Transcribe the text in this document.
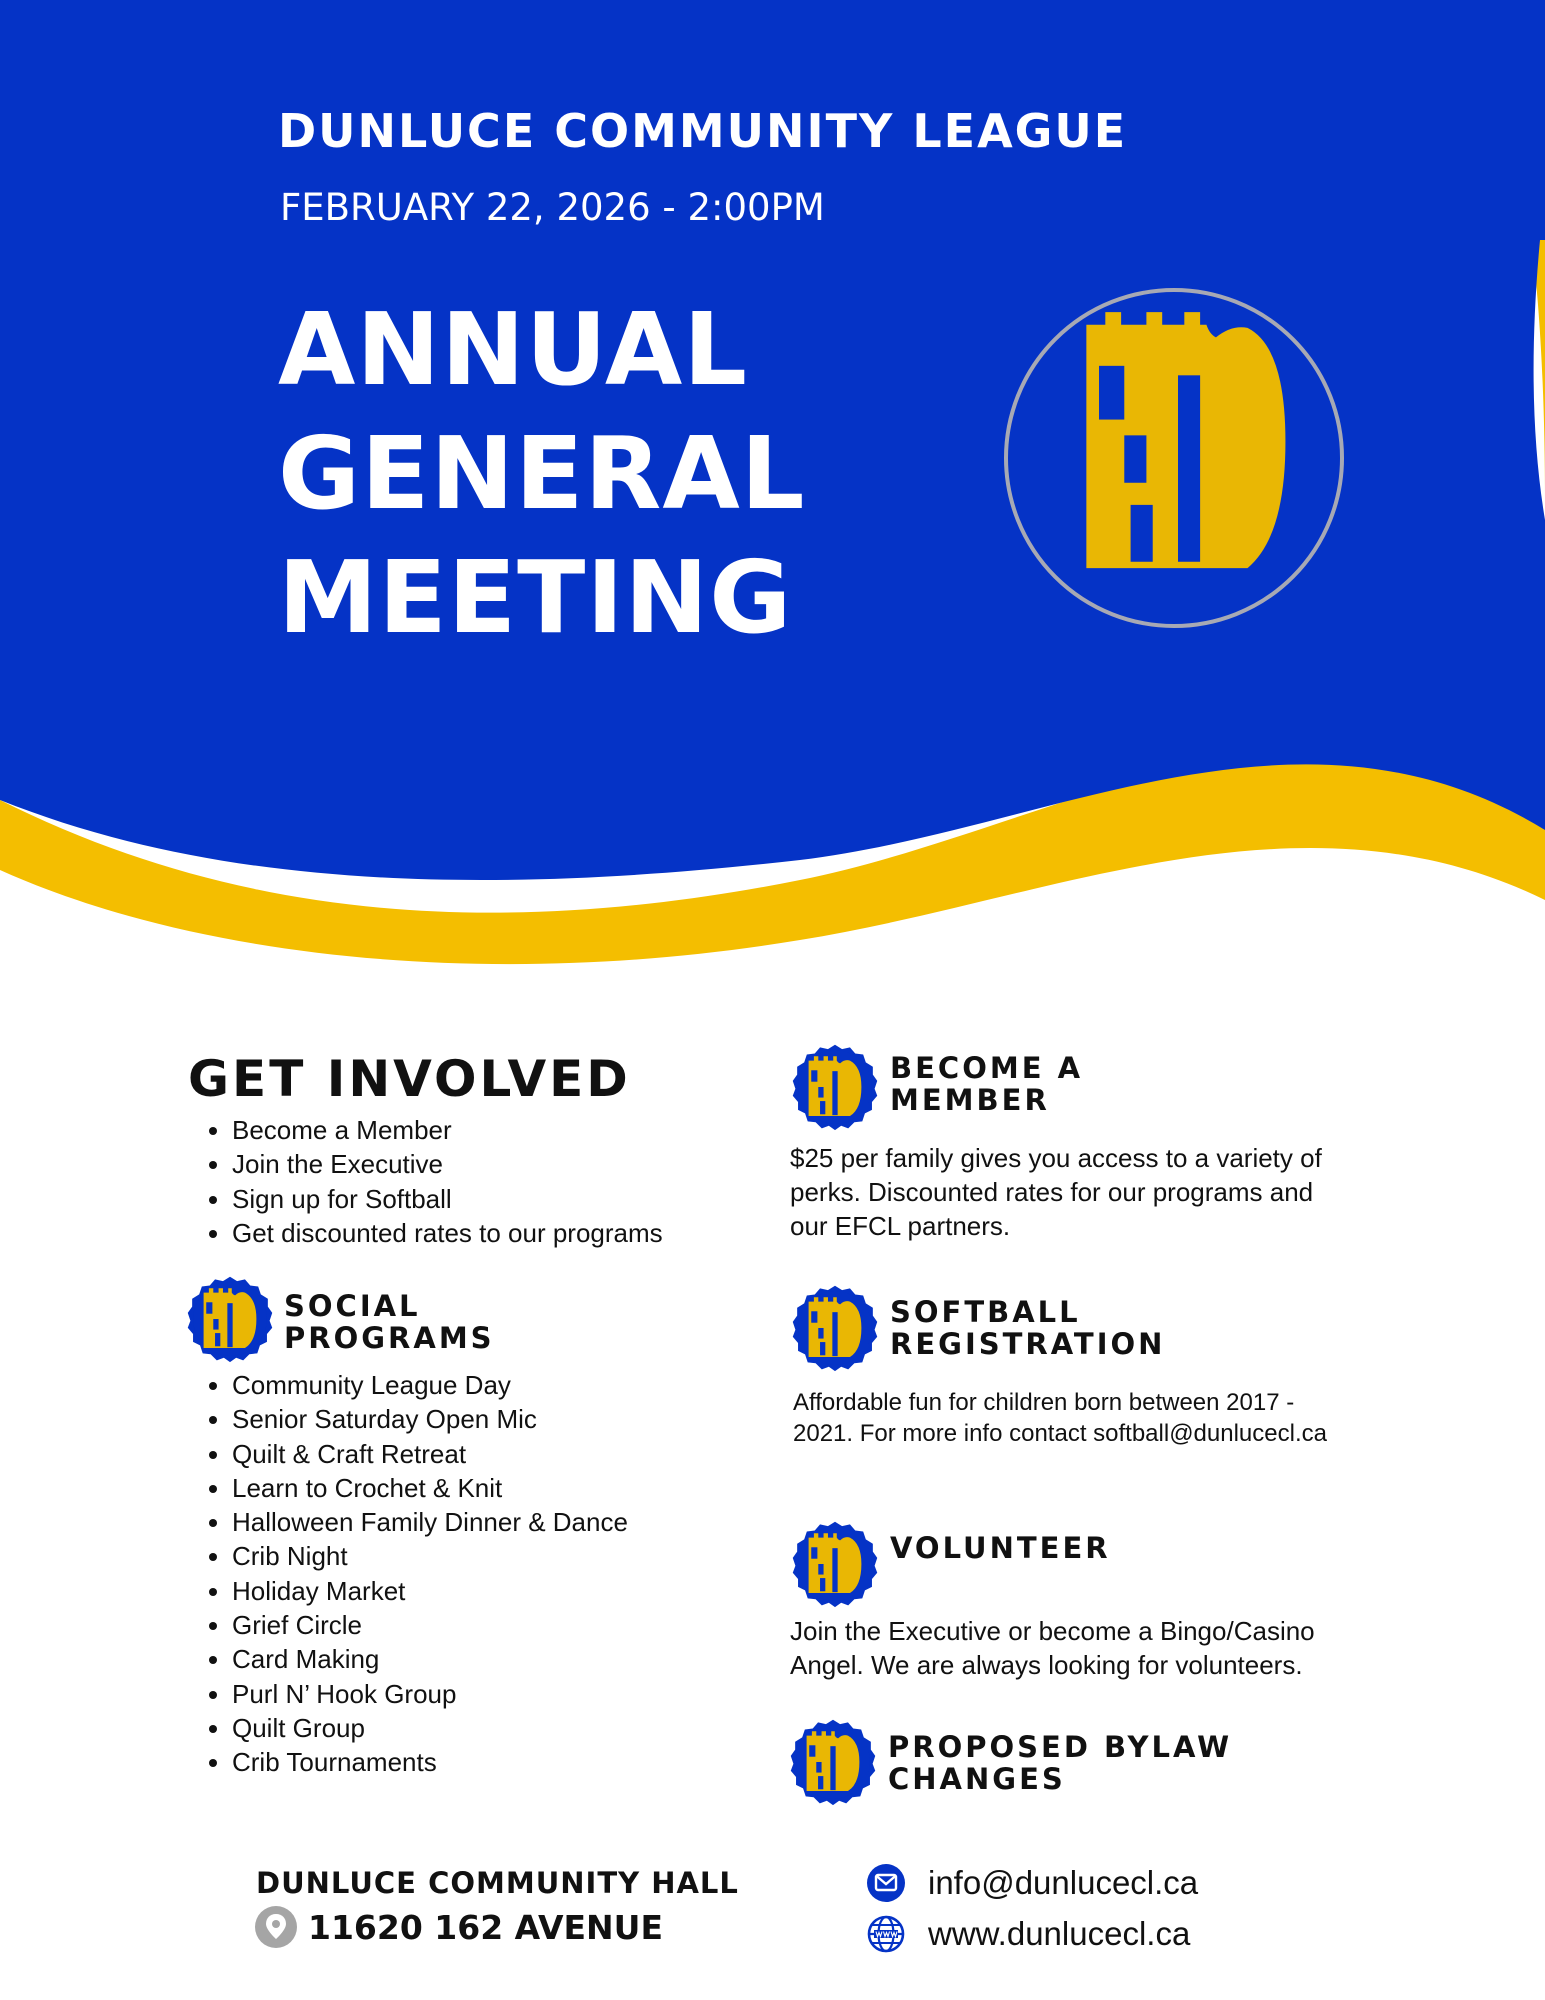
DUNLUCE COMMUNITY LEAGUE
FEBRUARY 22, 2026 - 2:00PM
ANNUAL
GENERAL
MEETING
GET INVOLVED
• Become a Member
• Join the Executive
• Sign up for Softball
• Get discounted rates to our programs
SOCIAL
PROGRAMS
• Community League Day
• Senior Saturday Open Mic
• Quilt & Craft Retreat
• Learn to Crochet & Knit
• Halloween Family Dinner & Dance
• Crib Night
• Holiday Market
• Grief Circle
• Card Making
• Purl N’ Hook Group
• Quilt Group
• Crib Tournaments
BECOME A
MEMBER

$25 per family gives you access to a variety of perks. Discounted rates for our programs and our EFCL partners.

SOFTBALL
REGISTRATION

Affordable fun for children born between 2017 - 2021. For more info contact softball@dunlucecl.ca

VOLUNTEER

Join the Executive or become a Bingo/Casino Angel. We are always looking for volunteers.

PROPOSED BYLAW
CHANGES
DUNLUCE COMMUNITY HALL
11620 162 AVENUE
info@dunlucecl.ca
www.dunlucecl.ca
